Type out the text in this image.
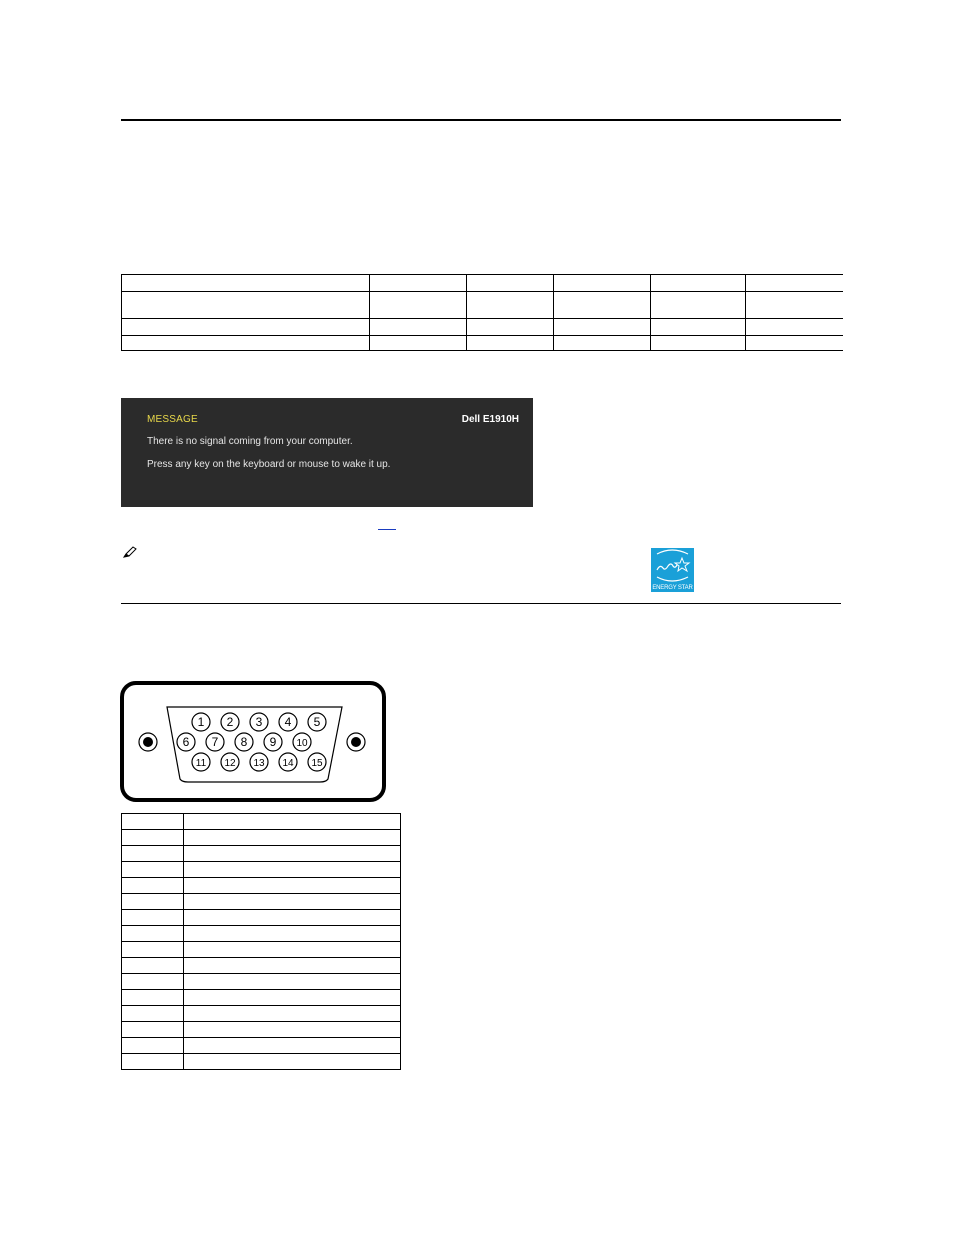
MESSAGE	Dell E1910H
There is no signal coming from your computer.
Press any key on the keyboard or mouse to wake it up.
ENERGY STAR
1 2 3 4 5
6 7 8 9 10
11 12 13 14 15
